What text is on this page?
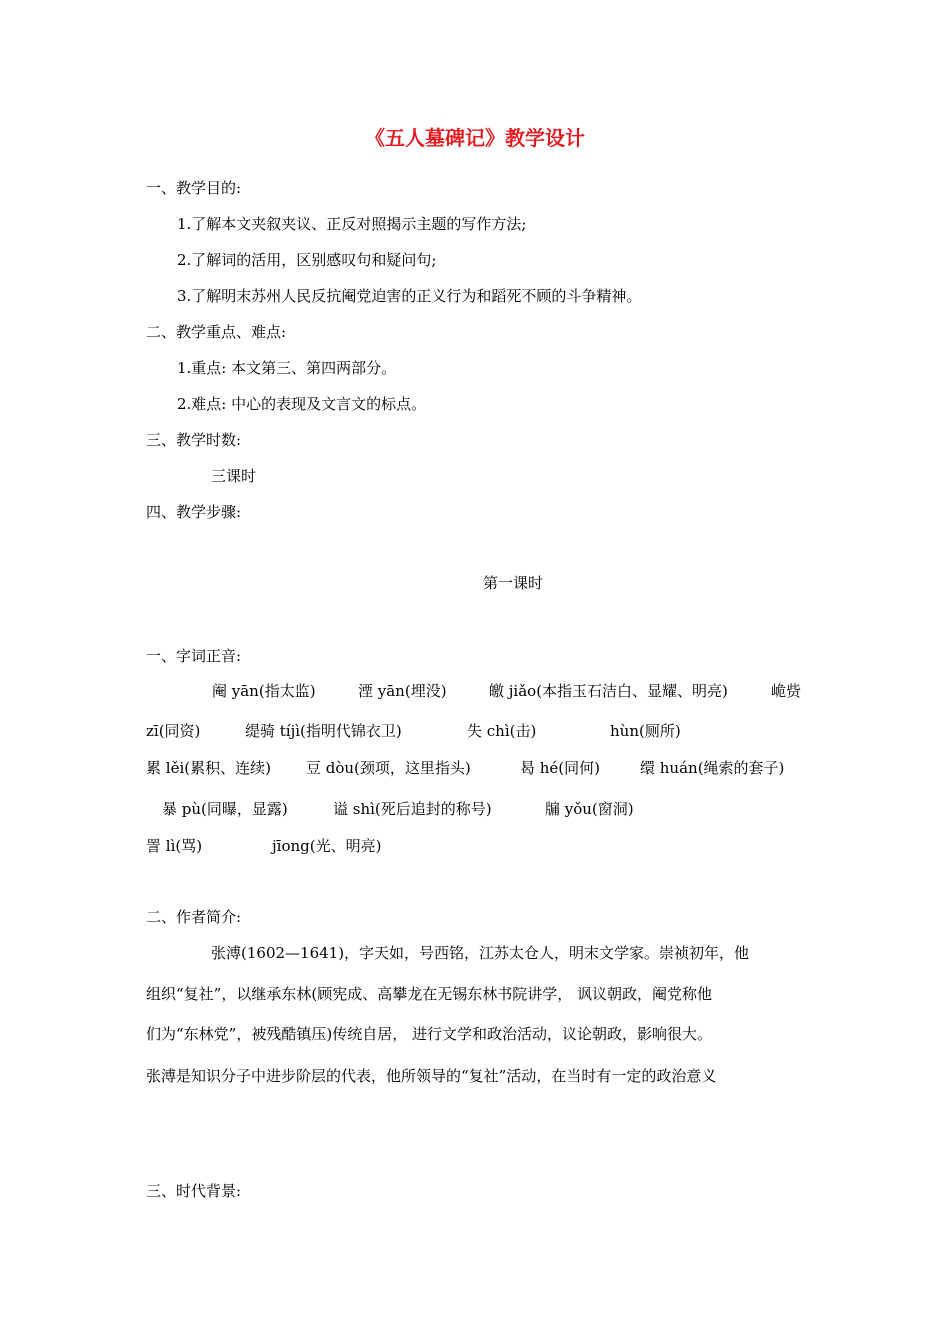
《五人墓碑记》教学设计
一、教学目的:
1.了解本文夹叙夹议、正反对照揭示主题的写作方法;
2.了解词的活用，区别感叹句和疑问句;
3.了解明末苏州人民反抗阉党迫害的正义行为和蹈死不顾的斗争精神。
二、教学重点、难点:
1.重点: 本文第三、第四两部分。
2.难点: 中心的表现及文言文的标点。
三、教学时数:
三课时
四、教学步骤:
第一课时
一、字词正音:
阉 yān(指太监)	湮 yān(埋没)	皦 jiǎo(本指玉石洁白、显耀、明亮)	峗赀
zī(同资)	缇骑 tíjì(指明代锦衣卫)	失 chì(击)	hùn(厕所)
累 lěi(累积、连续) 豆 dòu(颈项，这里指头)	曷 hé(同何)	缳 huán(绳索的套子)
暴 pù(同曝，显露)	谥 shì(死后追封的称号)	牖 yǒu(窗洞)
詈 lì(骂)	jīong(光、明亮)
二、作者简介:
张溥(1602—1641)，字天如，号西铭，江苏太仓人，明末文学家。崇祯初年，他
组织“复社”，以继承东林(顾宪成、高攀龙在无锡东林书院讲学， 讽议朝政，阉党称他
们为“东林党”，被残酷镇压)传统自居， 进行文学和政治活动，议论朝政，影响很大。
张溥是知识分子中进步阶层的代表，他所领导的“复社”活动，在当时有一定的政治意义
三、时代背景:
